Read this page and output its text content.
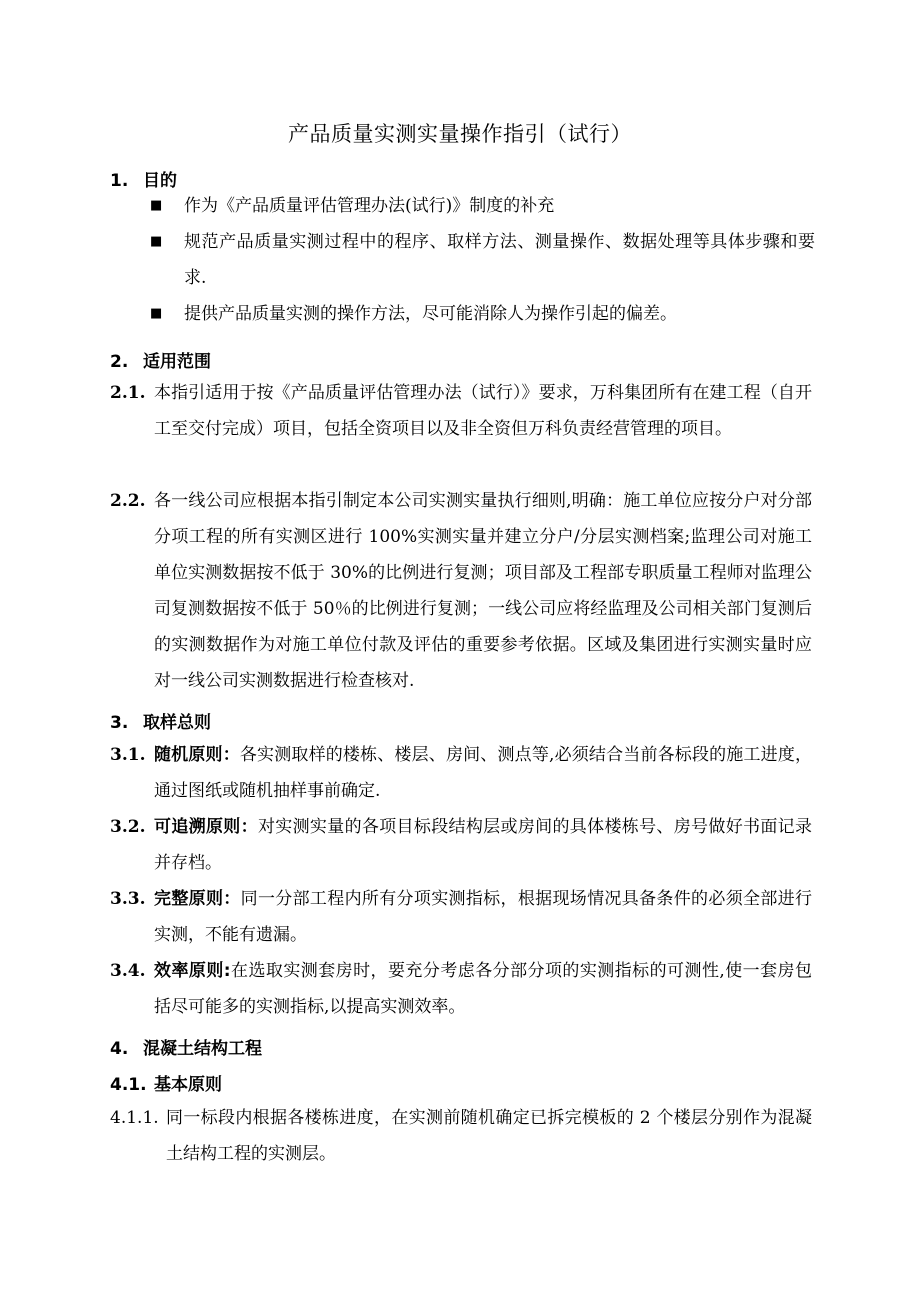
产品质量实测实量操作指引（试行）
1. 目的
■	作为《产品质量评估管理办法(试行)》制度的补充
■	规范产品质量实测过程中的程序、取样方法、测量操作、数据处理等具体步骤和要求.
■	提供产品质量实测的操作方法，尽可能消除人为操作引起的偏差。
2. 适用范围
2.1. 本指引适用于按《产品质量评估管理办法（试行）》要求，万科集团所有在建工程（自开工至交付完成）项目，包括全资项目以及非全资但万科负责经营管理的项目。
2.2. 各一线公司应根据本指引制定本公司实测实量执行细则,明确：施工单位应按分户对分部分项工程的所有实测区进行 100%实测实量并建立分户/分层实测档案;监理公司对施工单位实测数据按不低于 30%的比例进行复测；项目部及工程部专职质量工程师对监理公司复测数据按不低于 50％的比例进行复测；一线公司应将经监理及公司相关部门复测后的实测数据作为对施工单位付款及评估的重要参考依据。区域及集团进行实测实量时应对一线公司实测数据进行检查核对.
3. 取样总则
3.1. 随机原则：各实测取样的楼栋、楼层、房间、测点等,必须结合当前各标段的施工进度，通过图纸或随机抽样事前确定.
3.2. 可追溯原则：对实测实量的各项目标段结构层或房间的具体楼栋号、房号做好书面记录并存档。
3.3. 完整原则：同一分部工程内所有分项实测指标，根据现场情况具备条件的必须全部进行实测，不能有遗漏。
3.4. 效率原则:在选取实测套房时，要充分考虑各分部分项的实测指标的可测性,使一套房包括尽可能多的实测指标,以提高实测效率。
4. 混凝土结构工程
4.1. 基本原则
4.1.1. 同一标段内根据各楼栋进度，在实测前随机确定已拆完模板的 2 个楼层分别作为混凝土结构工程的实测层。
